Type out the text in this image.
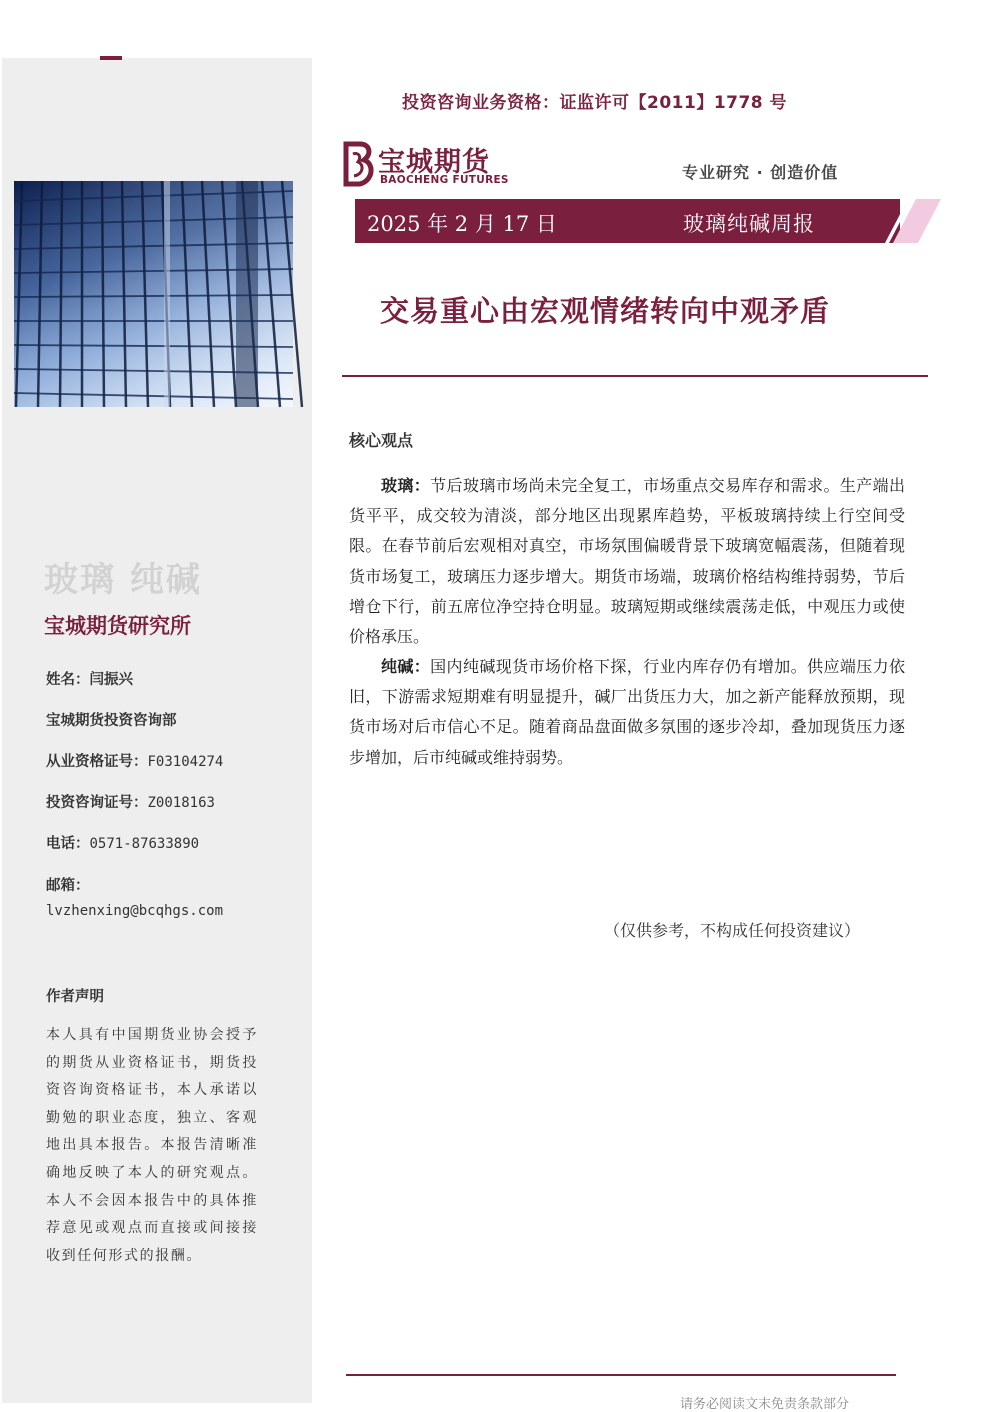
玻璃 纯碱
宝城期货研究所
姓名：闫振兴
宝城期货投资咨询部
从业资格证号：F03104274
投资咨询证号：Z0018163
电话：0571-87633890
邮箱：
lvzhenxing@bcqhgs.com
作者声明
本人具有中国期货业协会授予的期货从业资格证书，期货投资咨询资格证书，本人承诺以勤勉的职业态度，独立、客观地出具本报告。本报告清晰准确地反映了本人的研究观点。本人不会因本报告中的具体推荐意见或观点而直接或间接接收到任何形式的报酬。
投资咨询业务资格：证监许可【2011】1778 号
宝城期货
BAOCHENG FUTURES	专业研究 · 创造价值
2025 年 2 月 17 日	玻璃纯碱周报
交易重心由宏观情绪转向中观矛盾
核心观点
玻璃：节后玻璃市场尚未完全复工，市场重点交易库存和需求。生产端出货平平，成交较为清淡，部分地区出现累库趋势，平板玻璃持续上行空间受限。在春节前后宏观相对真空，市场氛围偏暖背景下玻璃宽幅震荡，但随着现货市场复工，玻璃压力逐步增大。期货市场端，玻璃价格结构维持弱势，节后增仓下行，前五席位净空持仓明显。玻璃短期或继续震荡走低，中观压力或使价格承压。
纯碱：国内纯碱现货市场价格下探，行业内库存仍有增加。供应端压力依旧，下游需求短期难有明显提升，碱厂出货压力大，加之新产能释放预期，现货市场对后市信心不足。随着商品盘面做多氛围的逐步冷却，叠加现货压力逐步增加，后市纯碱或维持弱势。
（仅供参考，不构成任何投资建议）
请务必阅读文末免责条款部分
